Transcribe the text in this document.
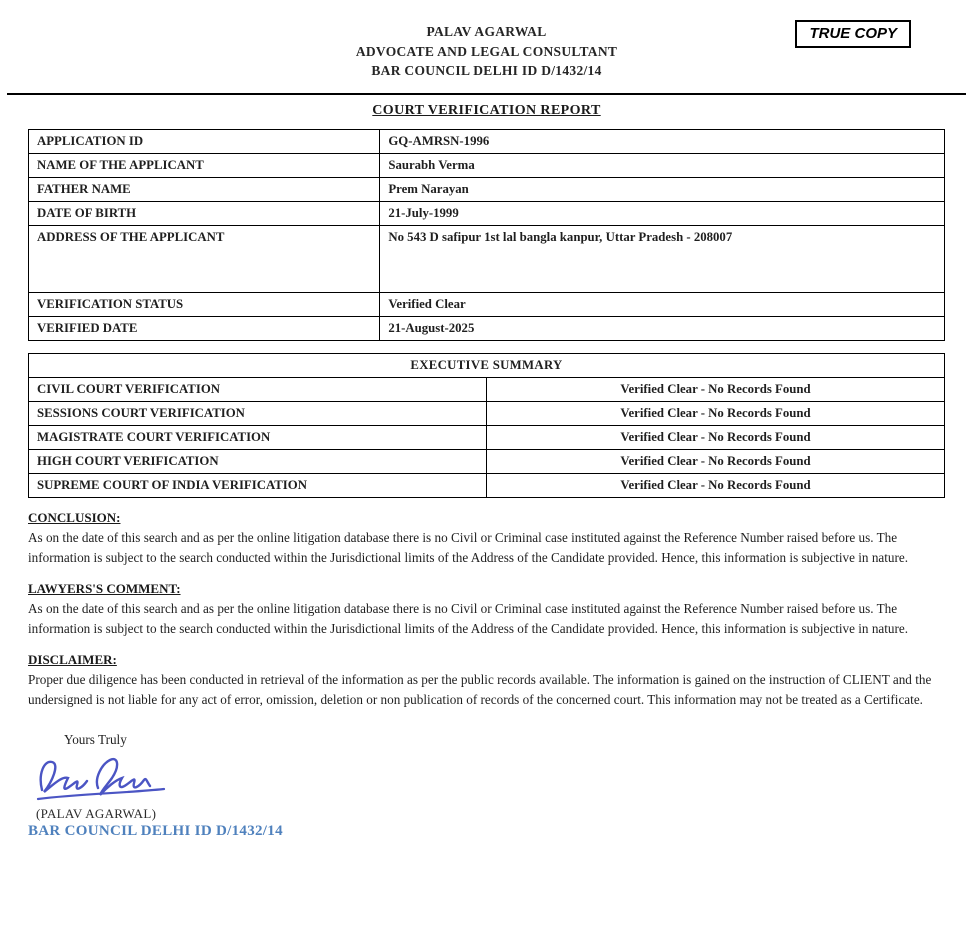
TRUE COPY
PALAV AGARWAL
ADVOCATE AND LEGAL CONSULTANT
BAR COUNCIL DELHI ID D/1432/14
COURT VERIFICATION REPORT
APPLICATION ID	GQ-AMRSN-1996
NAME OF THE APPLICANT	Saurabh Verma
FATHER NAME	Prem Narayan
DATE OF BIRTH	21-July-1999
ADDRESS OF THE APPLICANT	No 543 D safipur 1st lal bangla kanpur, Uttar Pradesh - 208007
VERIFICATION STATUS	Verified Clear
VERIFIED DATE	21-August-2025
EXECUTIVE SUMMARY	
CIVIL COURT VERIFICATION	Verified Clear - No Records Found
SESSIONS COURT VERIFICATION	Verified Clear - No Records Found
MAGISTRATE COURT VERIFICATION	Verified Clear - No Records Found
HIGH COURT VERIFICATION	Verified Clear - No Records Found
SUPREME COURT OF INDIA VERIFICATION	Verified Clear - No Records Found
CONCLUSION:
As on the date of this search and as per the online litigation database there is no Civil or Criminal case instituted against the Reference Number raised before us. The information is subject to the search conducted within the Jurisdictional limits of the Address of the Candidate provided. Hence, this information is subjective in nature.
LAWYERS'S COMMENT:
As on the date of this search and as per the online litigation database there is no Civil or Criminal case instituted against the Reference Number raised before us. The information is subject to the search conducted within the Jurisdictional limits of the Address of the Candidate provided. Hence, this information is subjective in nature.
DISCLAIMER:
Proper due diligence has been conducted in retrieval of the information as per the public records available. The information is gained on the instruction of CLIENT and the undersigned is not liable for any act of error, omission, deletion or non publication of records of the concerned court. This information may not be treated as a Certificate.
Yours Truly
(PALAV AGARWAL)
BAR COUNCIL DELHI ID D/1432/14
